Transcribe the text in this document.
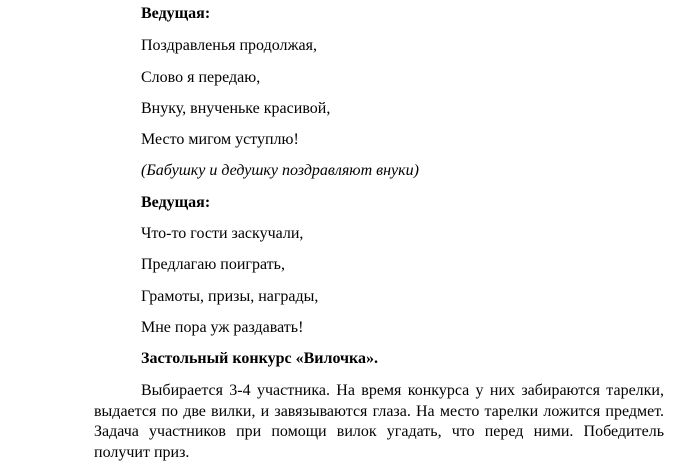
Ведущая:
Поздравленья продолжая,
Слово я передаю,
Внуку, внученьке красивой,
Место мигом уступлю!
(Бабушку и дедушку поздравляют внуки)
Ведущая:
Что-то гости заскучали,
Предлагаю поиграть,
Грамоты, призы, награды,
Мне пора уж раздавать!
Застольный конкурс «Вилочка».
Выбирается 3-4 участника. На время конкурса у них забираются тарелки, выдается по две вилки, и завязываются глаза. На место тарелки ложится предмет. Задача участников при помощи вилок угадать, что перед ними. Победитель получит приз.
